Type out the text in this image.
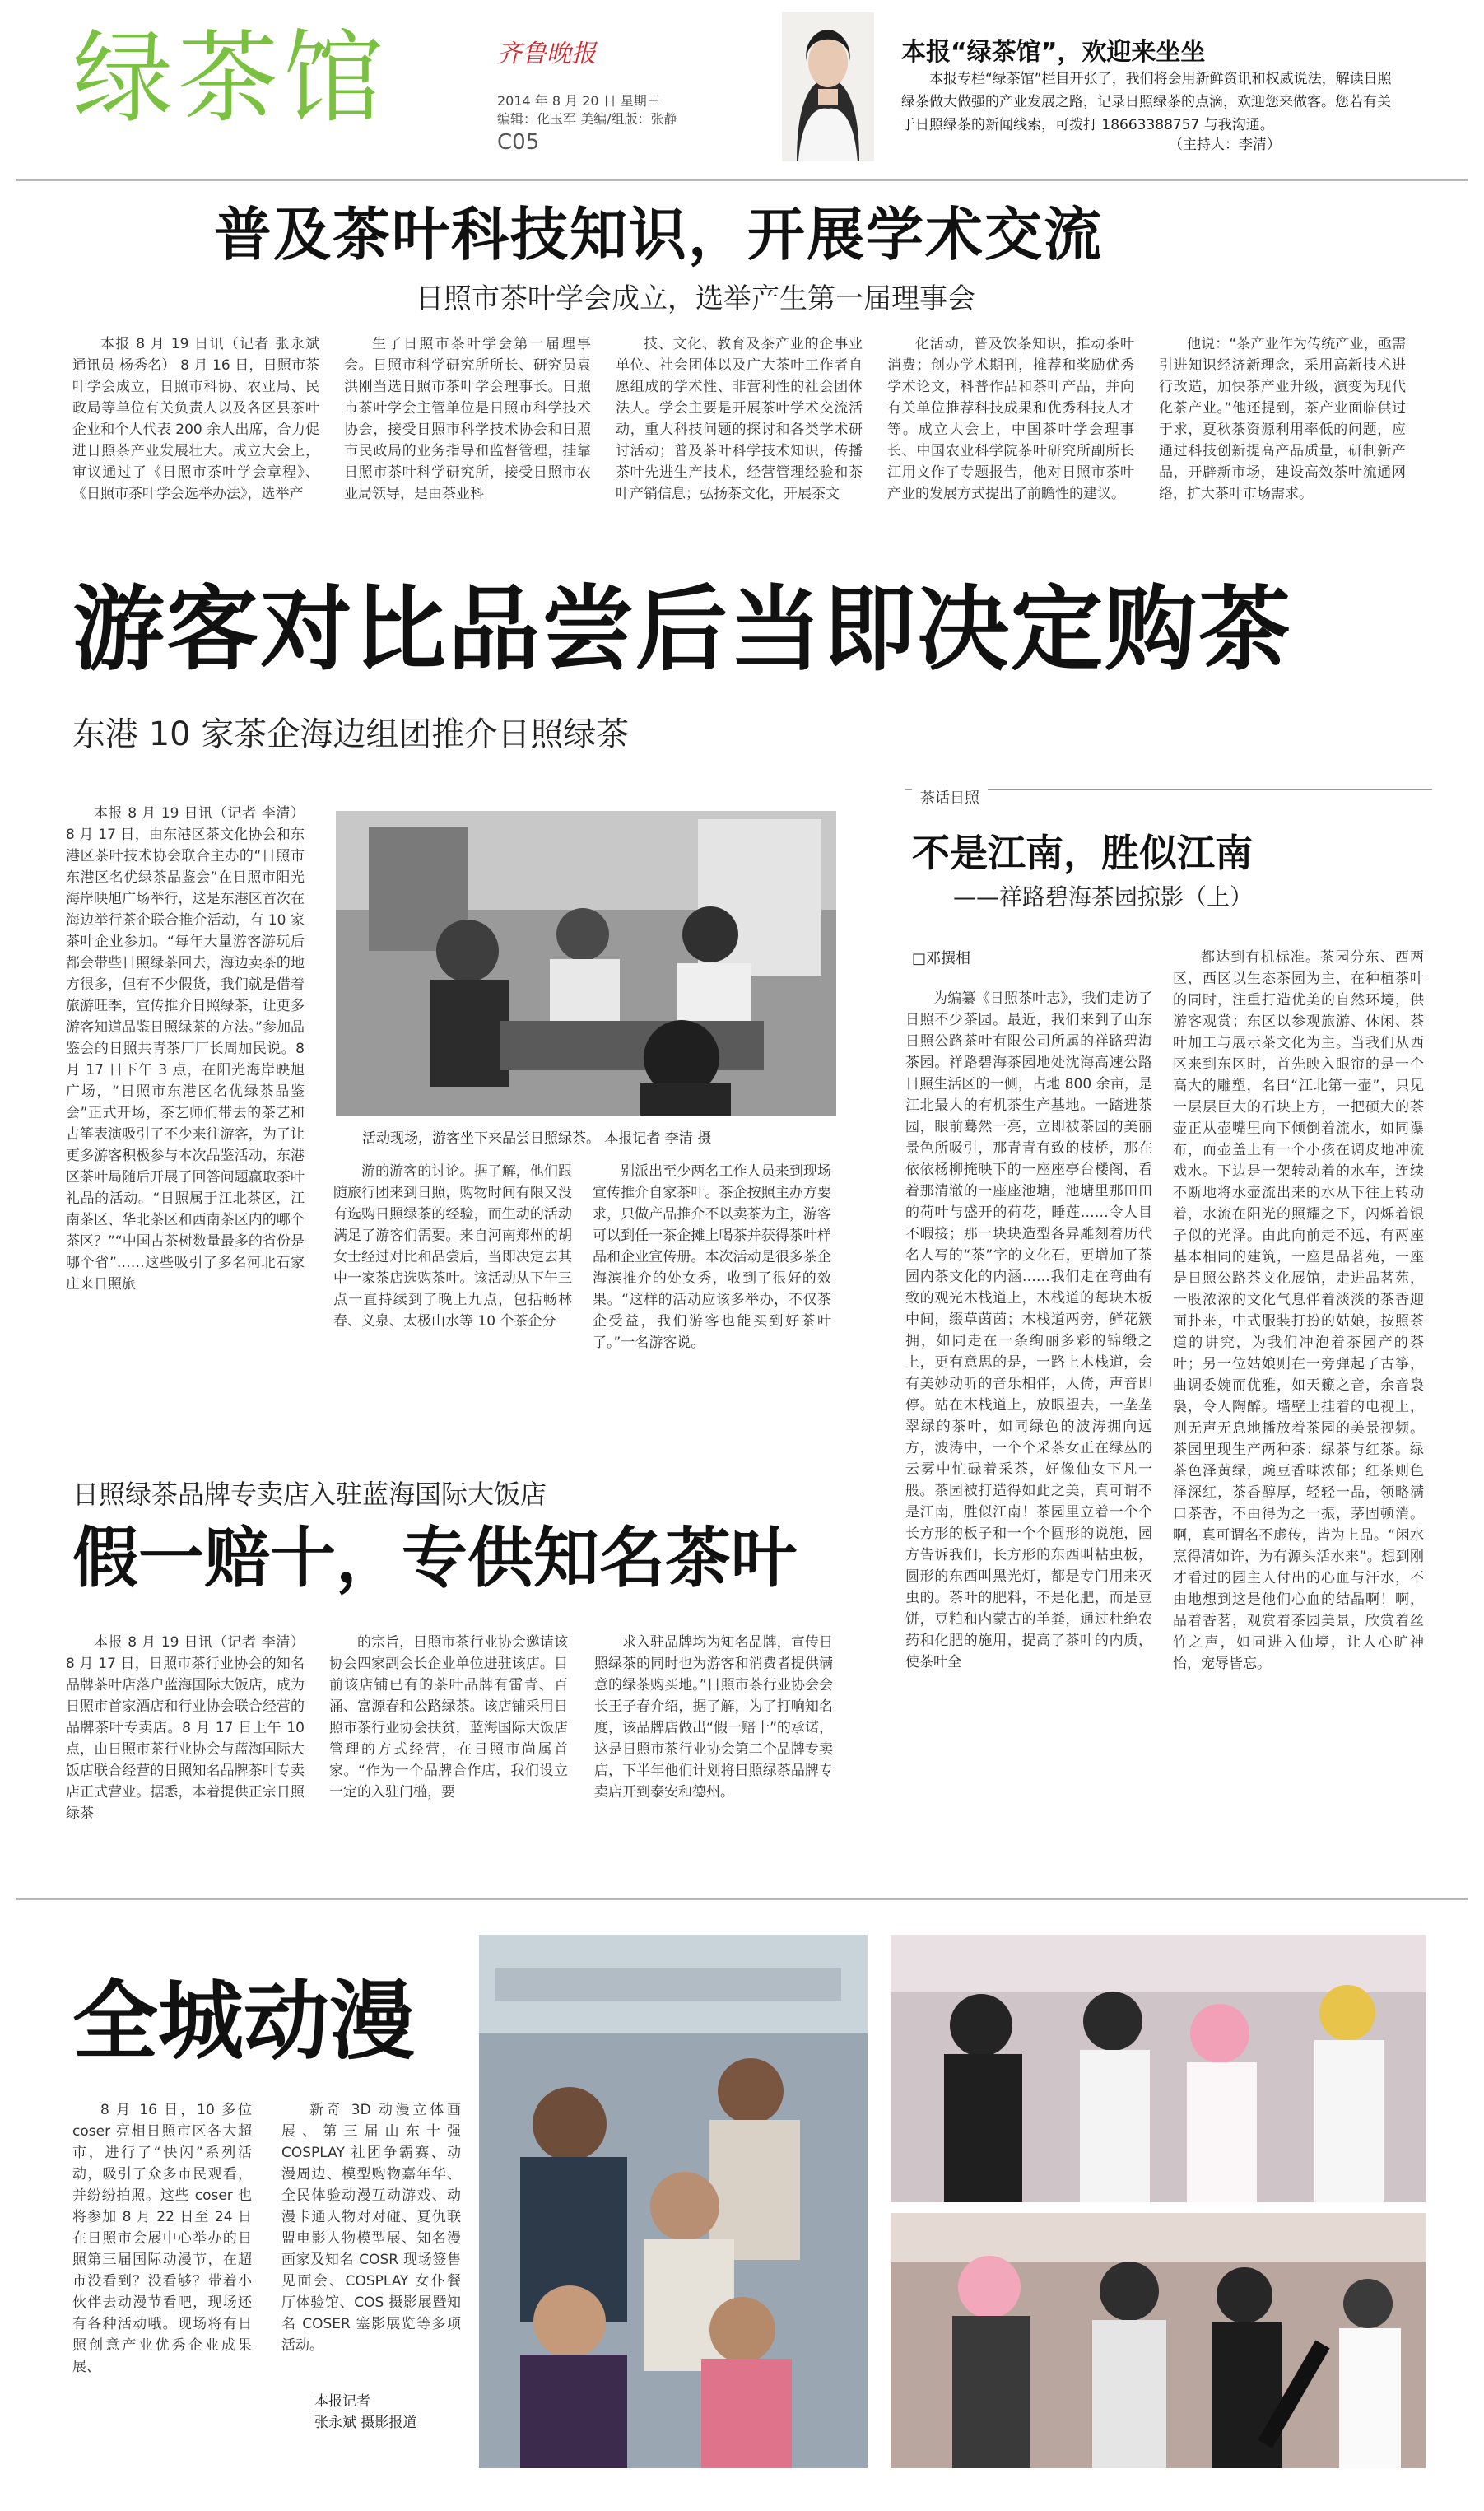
绿茶馆	齐鲁晚报
2014 年 8 月 20 日 星期三
编辑：化玉军 美编/组版：张静
C05
本报“绿茶馆”，欢迎来坐坐
本报专栏“绿茶馆”栏目开张了，我们将会用新鲜资讯和权威说法，解读日照绿茶做大做强的产业发展之路，记录日照绿茶的点滴，欢迎您来做客。您若有关于日照绿茶的新闻线索，可拨打 18663388757 与我沟通。
（主持人：李清）
普及茶叶科技知识，开展学术交流
日照市茶叶学会成立，选举产生第一届理事会
本报 8 月 19 日讯（记者 张永斌 通讯员 杨秀名） 8 月 16 日，日照市茶叶学会成立，日照市科协、农业局、民政局等单位有关负责人以及各区县茶叶企业和个人代表 200 余人出席，合力促进日照茶产业发展壮大。成立大会上，审议通过了《日照市茶叶学会章程》、《日照市茶叶学会选举办法》，选举产
生了日照市茶叶学会第一届理事会。日照市科学研究所所长、研究员袁洪刚当选日照市茶叶学会理事长。日照市茶叶学会主管单位是日照市科学技术协会，接受日照市科学技术协会和日照市民政局的业务指导和监督管理，挂靠日照市茶叶科学研究所，接受日照市农业局领导，是由茶业科
技、文化、教育及茶产业的企事业单位、社会团体以及广大茶叶工作者自愿组成的学术性、非营利性的社会团体法人。学会主要是开展茶叶学术交流活动，重大科技问题的探讨和各类学术研讨活动；普及茶叶科学技术知识，传播茶叶先进生产技术，经营管理经验和茶叶产销信息；弘扬茶文化，开展茶文
化活动，普及饮茶知识，推动茶叶消费；创办学术期刊，推荐和奖励优秀学术论文，科普作品和茶叶产品，并向有关单位推荐科技成果和优秀科技人才等。成立大会上，中国茶叶学会理事长、中国农业科学院茶叶研究所副所长江用文作了专题报告，他对日照市茶叶产业的发展方式提出了前瞻性的建议。
他说：“茶产业作为传统产业，亟需引进知识经济新理念，采用高新技术进行改造，加快茶产业升级，演变为现代化茶产业。”他还提到，茶产业面临供过于求，夏秋茶资源利用率低的问题，应通过科技创新提高产品质量，研制新产品，开辟新市场，建设高效茶叶流通网络，扩大茶叶市场需求。
游客对比品尝后当即决定购茶
东港 10 家茶企海边组团推介日照绿茶
本报 8 月 19 日讯（记者 李清） 8 月 17 日，由东港区茶文化协会和东港区茶叶技术协会联合主办的“日照市东港区名优绿茶品鉴会”在日照市阳光海岸映旭广场举行，这是东港区首次在海边举行茶企联合推介活动，有 10 家茶叶企业参加。“每年大量游客游玩后都会带些日照绿茶回去，海边卖茶的地方很多，但有不少假货，我们就是借着旅游旺季，宣传推介日照绿茶，让更多游客知道品鉴日照绿茶的方法。”参加品鉴会的日照共青茶厂厂长周加民说。8 月 17 日下午 3 点，在阳光海岸映旭广场，“日照市东港区名优绿茶品鉴会”正式开场，茶艺师们带去的茶艺和古筝表演吸引了不少来往游客，为了让更多游客积极参与本次品鉴活动，东港区茶叶局随后开展了回答问题赢取茶叶礼品的活动。“日照属于江北茶区，江南茶区、华北茶区和西南茶区内的哪个茶区？”“中国古茶树数量最多的省份是哪个省”……这些吸引了多名河北石家庄来日照旅
活动现场，游客坐下来品尝日照绿茶。 本报记者 李清 摄
游的游客的讨论。据了解，他们跟随旅行团来到日照，购物时间有限又没有选购日照绿茶的经验，而生动的活动满足了游客们需要。来自河南郑州的胡女士经过对比和品尝后，当即决定去其中一家茶店选购茶叶。该活动从下午三点一直持续到了晚上九点，包括畅林春、义泉、太极山水等 10 个茶企分
别派出至少两名工作人员来到现场宣传推介自家茶叶。茶企按照主办方要求，只做产品推介不以卖茶为主，游客可以到任一茶企摊上喝茶并获得茶叶样品和企业宣传册。本次活动是很多茶企海滨推介的处女秀，收到了很好的效果。“这样的活动应该多举办，不仅茶企受益，我们游客也能买到好茶叶了。”一名游客说。
茶话日照
不是江南，胜似江南
——祥路碧海茶园掠影（上）
□邓撰相
为编纂《日照茶叶志》，我们走访了日照不少茶园。最近，我们来到了山东日照公路茶叶有限公司所属的祥路碧海茶园。祥路碧海茶园地处沈海高速公路日照生活区的一侧，占地 800 余亩，是江北最大的有机茶生产基地。一踏进茶园，眼前蓦然一亮，立即被茶园的美丽景色所吸引，那青青有致的枝桥，那在依依杨柳掩映下的一座座亭台楼阁，看着那清澈的一座座池塘，池塘里那田田的荷叶与盛开的荷花，睡莲……令人目不暇接；那一块块造型各异雕刻着历代名人写的“茶”字的文化石，更增加了茶园内茶文化的内涵……我们走在弯曲有致的观光木栈道上，木栈道的每块木板中间，缀草茵茵；木栈道两旁，鲜花簇拥，如同走在一条绚丽多彩的锦缎之上，更有意思的是，一路上木栈道，会有美妙动听的音乐相伴，人倚，声音即停。站在木栈道上，放眼望去，一垄垄翠绿的茶叶，如同绿色的波涛拥向远方，波涛中，一个个采茶女正在绿丛的云雾中忙碌着采茶，好像仙女下凡一般。茶园被打造得如此之美，真可谓不是江南，胜似江南！茶园里立着一个个长方形的板子和一个个圆形的说施，园方告诉我们，长方形的东西叫粘虫板，圆形的东西叫黑光灯，都是专门用来灭虫的。茶叶的肥料，不是化肥，而是豆饼，豆粕和内蒙古的羊粪，通过杜绝农药和化肥的施用，提高了茶叶的内质，使茶叶全
都达到有机标准。茶园分东、西两区，西区以生态茶园为主，在种植茶叶的同时，注重打造优美的自然环境，供游客观赏；东区以参观旅游、休闲、茶叶加工与展示茶文化为主。当我们从西区来到东区时，首先映入眼帘的是一个高大的雕塑，名曰“江北第一壶”，只见一层层巨大的石块上方，一把硕大的茶壶正从壶嘴里向下倾倒着流水，如同瀑布，而壶盖上有一个小孩在调皮地冲流戏水。下边是一架转动着的水车，连续不断地将水壶流出来的水从下往上转动着，水流在阳光的照耀之下，闪烁着银子似的光泽。由此向前走不远，有两座基本相同的建筑，一座是品茗苑，一座是日照公路茶文化展馆，走进品茗苑，一股浓浓的文化气息伴着淡淡的茶香迎面扑来，中式服装打扮的姑娘，按照茶道的讲究，为我们冲泡着茶园产的茶叶；另一位姑娘则在一旁弹起了古筝，曲调委婉而优雅，如天籁之音，余音袅袅，令人陶醉。墙壁上挂着的电视上，则无声无息地播放着茶园的美景视频。茶园里现生产两种茶：绿茶与红茶。绿茶色泽黄绿，豌豆香味浓郁；红茶则色泽深红，茶香醇厚，轻轻一品，领略满口茶香，不由得为之一振，茅固顿消。啊，真可谓名不虚传，皆为上品。“闲水烹得清如许，为有源头活水来”。想到刚才看过的园主人付出的心血与汗水，不由地想到这是他们心血的结晶啊！啊，品着香茗，观赏着茶园美景，欣赏着丝竹之声，如同进入仙境，让人心旷神怡，宠辱皆忘。
日照绿茶品牌专卖店入驻蓝海国际大饭店
假一赔十，专供知名茶叶
本报 8 月 19 日讯（记者 李清） 8 月 17 日，日照市茶行业协会的知名品牌茶叶店落户蓝海国际大饭店，成为日照市首家酒店和行业协会联合经营的品牌茶叶专卖店。8 月 17 日上午 10 点，由日照市茶行业协会与蓝海国际大饭店联合经营的日照知名品牌茶叶专卖店正式营业。据悉，本着提供正宗日照绿茶
的宗旨，日照市茶行业协会邀请该协会四家副会长企业单位进驻该店。目前该店铺已有的茶叶品牌有雷青、百涌、富源春和公路绿茶。该店铺采用日照市茶行业协会扶贫，蓝海国际大饭店管理的方式经营，在日照市尚属首家。“作为一个品牌合作店，我们设立一定的入驻门槛，要
求入驻品牌均为知名品牌，宣传日照绿茶的同时也为游客和消费者提供满意的绿茶购买地。”日照市茶行业协会会长王子春介绍，据了解，为了打响知名度，该品牌店做出“假一赔十”的承诺，这是日照市茶行业协会第二个品牌专卖店，下半年他们计划将日照绿茶品牌专卖店开到泰安和德州。
全城动漫
8 月 16 日，10 多位 coser 亮相日照市区各大超市，进行了“快闪”系列活动，吸引了众多市民观看，并纷纷拍照。这些 coser 也将参加 8 月 22 日至 24 日在日照市会展中心举办的日照第三届国际动漫节，在超市没看到？没看够？带着小伙伴去动漫节看吧，现场还有各种活动哦。现场将有日照创意产业优秀企业成果展、
新奇 3D 动漫立体画展、第三届山东十强 COSPLAY 社团争霸赛、动漫周边、模型购物嘉年华、全民体验动漫互动游戏、动漫卡通人物对对碰、夏仇联盟电影人物模型展、知名漫画家及知名 COSR 现场签售见面会、COSPLAY 女仆餐厅体验馆、COS 摄影展暨知名 COSER 塞影展览等多项活动。
本报记者
张永斌 摄影报道
